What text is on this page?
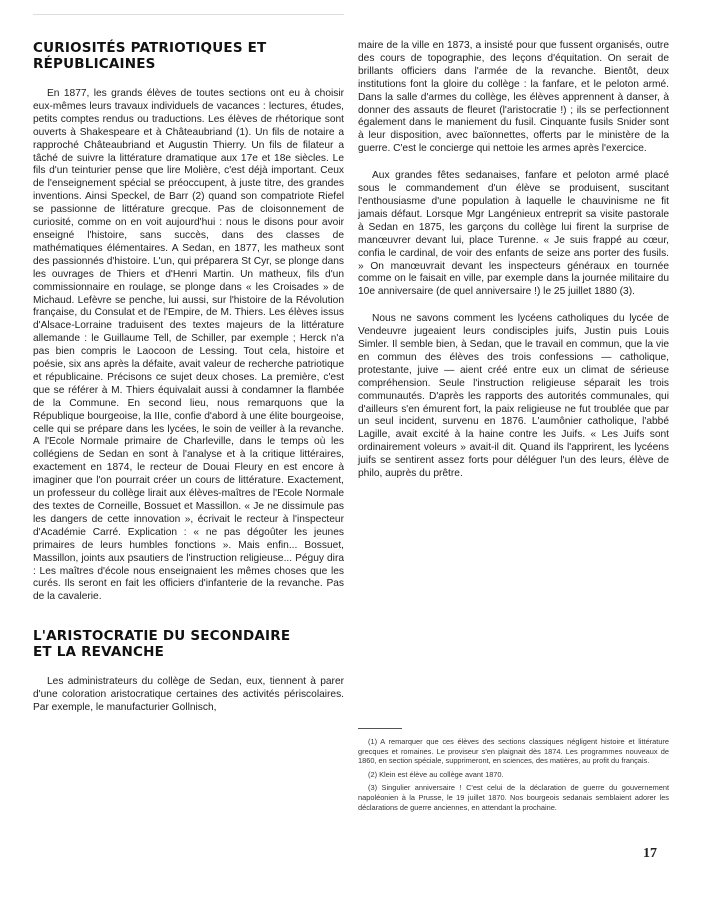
CURIOSITÉS PATRIOTIQUES ET RÉPUBLICAINES

En 1877, les grands élèves de toutes sections ont eu à choisir eux-mêmes leurs travaux individuels de vacances : lectures, études, petits comptes rendus ou traductions. Les élèves de rhétorique sont ouverts à Shakespeare et à Châteaubriand (1). Un fils de notaire a rapproché Châteaubriand et Augustin Thierry. Un fils de filateur a tâché de suivre la littérature dramatique aux 17e et 18e siècles. Le fils d'un teinturier pense que lire Molière, c'est déjà important. Ceux de l'enseignement spécial se préoccupent, à juste titre, des grandes inventions. Ainsi Speckel, de Barr (2) quand son compatriote Riefel se passionne de littérature grecque. Pas de cloisonnement de curiosité, comme on en voit aujourd'hui : nous le disons pour avoir enseigné l'histoire, sans succès, dans des classes de mathématiques élémentaires. A Sedan, en 1877, les matheux sont des passionnés d'histoire. L'un, qui préparera St Cyr, se plonge dans les ouvrages de Thiers et d'Henri Martin. Un matheux, fils d'un commissionnaire en roulage, se plonge dans « les Croisades » de Michaud. Lefèvre se penche, lui aussi, sur l'histoire de la Révolution française, du Consulat et de l'Empire, de M. Thiers. Les élèves issus d'Alsace-Lorraine traduisent des textes majeurs de la littérature allemande : le Guillaume Tell, de Schiller, par exemple ; Herck n'a pas bien compris le Laocoon de Lessing. Tout cela, histoire et poésie, six ans après la défaite, avait valeur de recherche patriotique et républicaine. Précisons ce sujet deux choses. La première, c'est que se référer à M. Thiers équivalait aussi à condamner la flambée de la Commune. En second lieu, nous remarquons que la République bourgeoise, la IIIe, confie d'abord à une élite bourgeoise, celle qui se prépare dans les lycées, le soin de veiller à la revanche. A l'Ecole Normale primaire de Charleville, dans le temps où les collégiens de Sedan en sont à l'analyse et à la critique littéraires, exactement en 1874, le recteur de Douai Fleury en est encore à imaginer que l'on pourrait créer un cours de littérature. Exactement, un professeur du collège lirait aux élèves-maîtres de l'Ecole Normale des textes de Corneille, Bossuet et Massillon. « Je ne dissimule pas les dangers de cette innovation », écrivait le recteur à l'inspecteur d'Académie Carré. Explication : « ne pas dégoûter les jeunes primaires de leurs humbles fonctions ». Mais enfin... Bossuet, Massillon, joints aux psautiers de l'instruction religieuse... Péguy dira : Les maîtres d'école nous enseignaient les mêmes choses que les curés. Ils seront en fait les officiers d'infanterie de la revanche. Pas de la cavalerie.

L'ARISTOCRATIE DU SECONDAIRE
ET LA REVANCHE

Les administrateurs du collège de Sedan, eux, tiennent à parer d'une coloration aristocratique certaines des activités périscolaires. Par exemple, le manufacturier Gollnisch,

maire de la ville en 1873, a insisté pour que fussent organisés, outre des cours de topographie, des leçons d'équitation. On serait de brillants officiers dans l'armée de la revanche. Bientôt, deux institutions font la gloire du collège : la fanfare, et le peloton armé. Dans la salle d'armes du collège, les élèves apprennent à danser, à donner des assauts de fleuret (l'aristocratie !) ; ils se perfectionnent également dans le maniement du fusil. Cinquante fusils Snider sont à leur disposition, avec baïonnettes, offerts par le ministère de la guerre. C'est le concierge qui nettoie les armes après l'exercice.

Aux grandes fêtes sedanaises, fanfare et peloton armé placé sous le commandement d'un élève se produisent, suscitant l'enthousiasme d'une population à laquelle le chauvinisme ne fit jamais défaut. Lorsque Mgr Langénieux entreprit sa visite pastorale à Sedan en 1875, les garçons du collège lui firent la surprise de manœuvrer devant lui, place Turenne. « Je suis frappé au cœur, confia le cardinal, de voir des enfants de seize ans porter des fusils. » On manœuvrait devant les inspecteurs généraux en tournée comme on le faisait en ville, par exemple dans la journée militaire du 10e anniversaire (de quel anniversaire !) le 25 juillet 1880 (3).

Nous ne savons comment les lycéens catholiques du lycée de Vendeuvre jugeaient leurs condisciples juifs, Justin puis Louis Simler. Il semble bien, à Sedan, que le travail en commun, que la vie en commun des élèves des trois confessions — catholique, protestante, juive — aient créé entre eux un climat de sérieuse compréhension. Seule l'instruction religieuse séparait les trois communautés. D'après les rapports des autorités communales, qui d'ailleurs s'en émurent fort, la paix religieuse ne fut troublée que par un seul incident, survenu en 1876. L'aumônier catholique, l'abbé Lagille, avait excité à la haine contre les Juifs. « Les Juifs sont ordinairement voleurs » avait-il dit. Quand ils l'apprirent, les lycéens juifs se sentirent assez forts pour déléguer l'un des leurs, élève de philo, auprès du prêtre.

(1) A remarquer que ces élèves des sections classiques négligent histoire et littérature grecques et romaines. Le proviseur s'en plaignait dès 1874. Les programmes nouveaux de 1860, en section spéciale, supprimeront, en sciences, des matières, au profit du français.

(2) Klein est élève au collège avant 1870.

(3) Singulier anniversaire ! C'est celui de la déclaration de guerre du gouvernement napoléonien à la Prusse, le 19 juillet 1870. Nos bourgeois sedanais semblaient adorer les déclarations de guerre anciennes, en attendant la prochaine.

17
